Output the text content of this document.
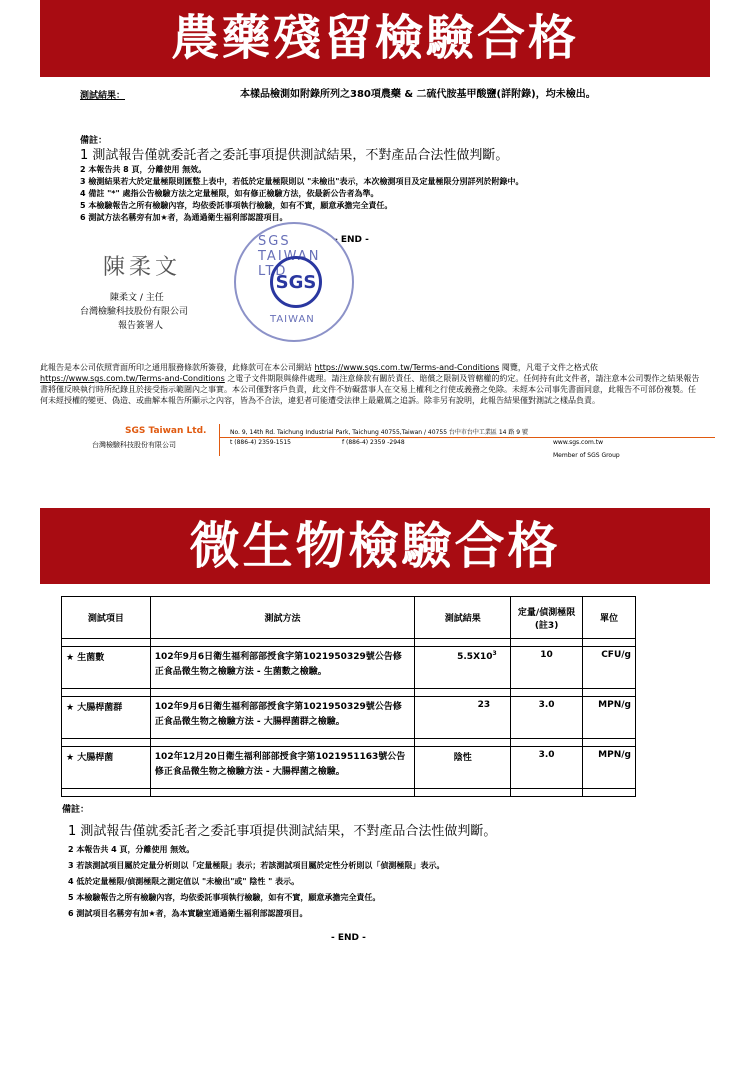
農藥殘留檢驗合格
測試結果：	本樣品檢測如附錄所列之380項農藥 & 二硫代胺基甲酸鹽(詳附錄)，均未檢出。
備註：
1 測試報告僅就委託者之委託事項提供測試結果，不對產品合法性做判斷。
2 本報告共 8 頁，分離使用 無效。
3 檢測結果若大於定量極限則匯整上表中，若低於定量極限則以 "未檢出"表示，本次檢測項目及定量極限分別詳列於附錄中。
4 備註 "*" 處指公告檢驗方法之定量極限，如有修正檢驗方法，依最新公告者為準。
5 本檢驗報告之所有檢驗內容，均依委託事項執行檢驗，如有不實，願意承擔完全責任。
6 測試方法名稱旁有加★者，為通過衛生福利部認證項目。
- END -
SGS TAIWAN LTD
SGS
TAIWAN
陳柔文
陳柔文 / 主任
台灣檢驗科技股份有限公司
報告簽署人
此報告是本公司依照背面所印之通用服務條款所簽發，此條款可在本公司網站 https://www.sgs.com.tw/Terms-and-Conditions 閱覽，凡電子文件之格式依
https://www.sgs.com.tw/Terms-and-Conditions 之電子文件期限與條件處理。請注意條款有關於責任、賠償之限制及管轄權的約定。任何持有此文件者，請注意本公司製作之結果報告書將僅反映執行時所紀錄且於接受指示範圍內之事實。本公司僅對客戶負責，此文件不妨礙當事人在交易上權利之行使或義務之免除。未經本公司事先書面同意，此報告不可部份複製。任何未經授權的變更、偽造、或曲解本報告所顯示之內容，皆為不合法，違犯者可能遭受法律上最嚴厲之追訴。除非另有說明，此報告結果僅對測試之樣品負責。
SGS Taiwan Ltd.
台灣檢驗科技股份有限公司
No. 9, 14th Rd. Taichung Industrial Park, Taichung 40755,Taiwan / 40755 台中市台中工業區 14 路 9 號
t (886-4) 2359-1515	f (886-4) 2359 -2948	www.sgs.com.tw
Member of SGS Group
微生物檢驗合格
測試項目	測試方法	測試結果	定量/偵測極限(註3)	單位

★ 生菌數	102年9月6日衛生福利部部授食字第1021950329號公告修正食品微生物之檢驗方法 - 生菌數之檢驗。	$5.5X10^3$	10	CFU/g

★ 大腸桿菌群	102年9月6日衛生福利部部授食字第1021950329號公告修正食品微生物之檢驗方法 - 大腸桿菌群之檢驗。	23	3.0	MPN/g

★ 大腸桿菌	102年12月20日衛生福利部部授食字第1021951163號公告修正食品微生物之檢驗方法 - 大腸桿菌之檢驗。	陰性	3.0	MPN/g

備註：
1 測試報告僅就委託者之委託事項提供測試結果，不對產品合法性做判斷。
2 本報告共 4 頁，分離使用 無效。
3 若該測試項目屬於定量分析則以「定量極限」表示；若該測試項目屬於定性分析則以「偵測極限」表示。
4 低於定量極限/偵測極限之測定值以 "未檢出"或" 陰性 " 表示。
5 本檢驗報告之所有檢驗內容，均依委託事項執行檢驗，如有不實，願意承擔完全責任。
6 測試項目名稱旁有加★者，為本實驗室通過衛生福利部認證項目。
- END -
